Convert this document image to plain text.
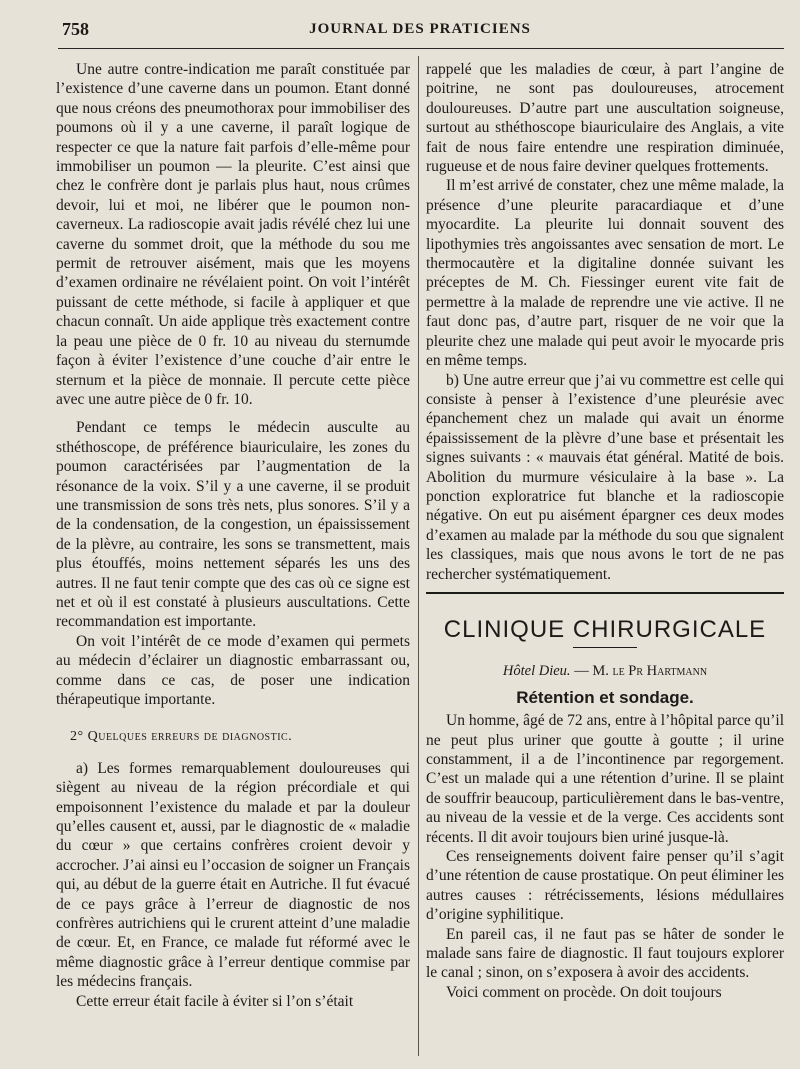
758	JOURNAL DES PRATICIENS

Une autre contre-indication me paraît constituée par l’existence d’une caverne dans un poumon. Etant donné que nous créons des pneumothorax pour immobiliser des poumons où il y a une caverne, il paraît logique de respecter ce que la nature fait parfois d’elle-même pour immobiliser un poumon — la pleurite. C’est ainsi que chez le confrère dont je parlais plus haut, nous crûmes devoir, lui et moi, ne libérer que le poumon non-caverneux. La radioscopie avait jadis révélé chez lui une caverne du sommet droit, que la méthode du sou me permit de retrouver aisément, mais que les moyens d’examen ordinaire ne révélaient point. On voit l’intérêt puissant de cette méthode, si facile à appliquer et que chacun connaît. Un aide applique très exactement contre la peau une pièce de 0 fr. 10 au niveau du sternumde façon à éviter l’existence d’une couche d’air entre le sternum et la pièce de monnaie. Il percute cette pièce avec une autre pièce de 0 fr. 10.

Pendant ce temps le médecin ausculte au sthéthoscope, de préférence biauriculaire, les zones du poumon caractérisées par l’augmentation de la résonance de la voix. S’il y a une caverne, il se produit une transmission de sons très nets, plus sonores. S’il y a de la condensation, de la congestion, un épaississement de la plèvre, au contraire, les sons se transmettent, mais plus étouffés, moins nettement séparés les uns des autres. Il ne faut tenir compte que des cas où ce signe est net et où il est constaté à plusieurs auscultations. Cette recommandation est importante.

On voit l’intérêt de ce mode d’examen qui permets au médecin d’éclairer un diagnostic embarrassant ou, comme dans ce cas, de poser une indication thérapeutique importante.

2° Quelques erreurs de diagnostic.

a) Les formes remarquablement douloureuses qui siègent au niveau de la région précordiale et qui empoisonnent l’existence du malade et par la douleur qu’elles causent et, aussi, par le diagnostic de « maladie du cœur » que certains confrères croient devoir y accrocher. J’ai ainsi eu l’occasion de soigner un Français qui, au début de la guerre était en Autriche. Il fut évacué de ce pays grâce à l’erreur de diagnostic de nos confrères autrichiens qui le crurent atteint d’une maladie de cœur. Et, en France, ce malade fut réformé avec le même diagnostic grâce à l’erreur dentique commise par les médecins français.

Cette erreur était facile à éviter si l’on s’était

rappelé que les maladies de cœur, à part l’angine de poitrine, ne sont pas douloureuses, atrocement douloureuses. D’autre part une auscultation soigneuse, surtout au sthéthoscope biauriculaire des Anglais, a vite fait de nous faire entendre une respiration diminuée, rugueuse et de nous faire deviner quelques frottements.

Il m’est arrivé de constater, chez une même malade, la présence d’une pleurite paracardiaque et d’une myocardite. La pleurite lui donnait souvent des lipothymies très angoissantes avec sensation de mort. Le thermocautère et la digitaline donnée suivant les préceptes de M. Ch. Fiessinger eurent vite fait de permettre à la malade de reprendre une vie active. Il ne faut donc pas, d’autre part, risquer de ne voir que la pleurite chez une malade qui peut avoir le myocarde pris en même temps.

b) Une autre erreur que j’ai vu commettre est celle qui consiste à penser à l’existence d’une pleurésie avec épanchement chez un malade qui avait un énorme épaississement de la plèvre d’une base et présentait les signes suivants : « mauvais état général. Matité de bois. Abolition du murmure vésiculaire à la base ». La ponction exploratrice fut blanche et la radioscopie négative. On eut pu aisément épargner ces deux modes d’examen au malade par la méthode du sou que signalent les classiques, mais que nous avons le tort de ne pas rechercher systématiquement.

CLINIQUE CHIRURGICALE
Hôtel Dieu. — M. le Pr Hartmann
Rétention et sondage.

Un homme, âgé de 72 ans, entre à l’hôpital parce qu’il ne peut plus uriner que goutte à goutte ; il urine constamment, il a de l’incontinence par regorgement. C’est un malade qui a une rétention d’urine. Il se plaint de souffrir beaucoup, particulièrement dans le bas-ventre, au niveau de la vessie et de la verge. Ces accidents sont récents. Il dit avoir toujours bien uriné jusque-là.

Ces renseignements doivent faire penser qu’il s’agit d’une rétention de cause prostatique. On peut éliminer les autres causes : rétrécissements, lésions médullaires d’origine syphilitique.

En pareil cas, il ne faut pas se hâter de sonder le malade sans faire de diagnostic. Il faut toujours explorer le canal ; sinon, on s’exposera à avoir des accidents.

Voici comment on procède. On doit toujours
